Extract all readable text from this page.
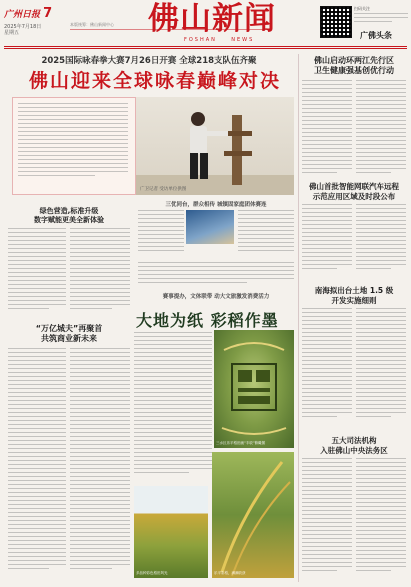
广州日报 7
2025年7月18日
星期五
本版统筹：佛山新闻中心	佛山新闻
FOSHAN	NEWS
扫码关注
广佛头条
2025国际咏春拳大赛7月26日开赛 全球218支队伍齐聚
佛山迎来全球咏春巅峰对决
广卫记者 受访单位供图
绿色营造,标准升级
数字赋能更美全新体验
“万亿城夫”再聚首
共筑商业新未来
三优同台，群众相传 城镇固家庭团体赛连
赛事提办，文体联带 动大文旅激发消费活力
大地为纸 彩稻作墨
三水区乐平稻田画“丰收”俯瞰图
多品种彩色稻田风光	乐平彩稻，满满收获
佛山启动环两江先行区
卫生健康强基创优行动
佛山首批智能网联汽车远程
示范应用区域及时段公布
南海拟出台土地 1.5 级
开发实施细则
五大司法机构
入驻佛山中央法务区
